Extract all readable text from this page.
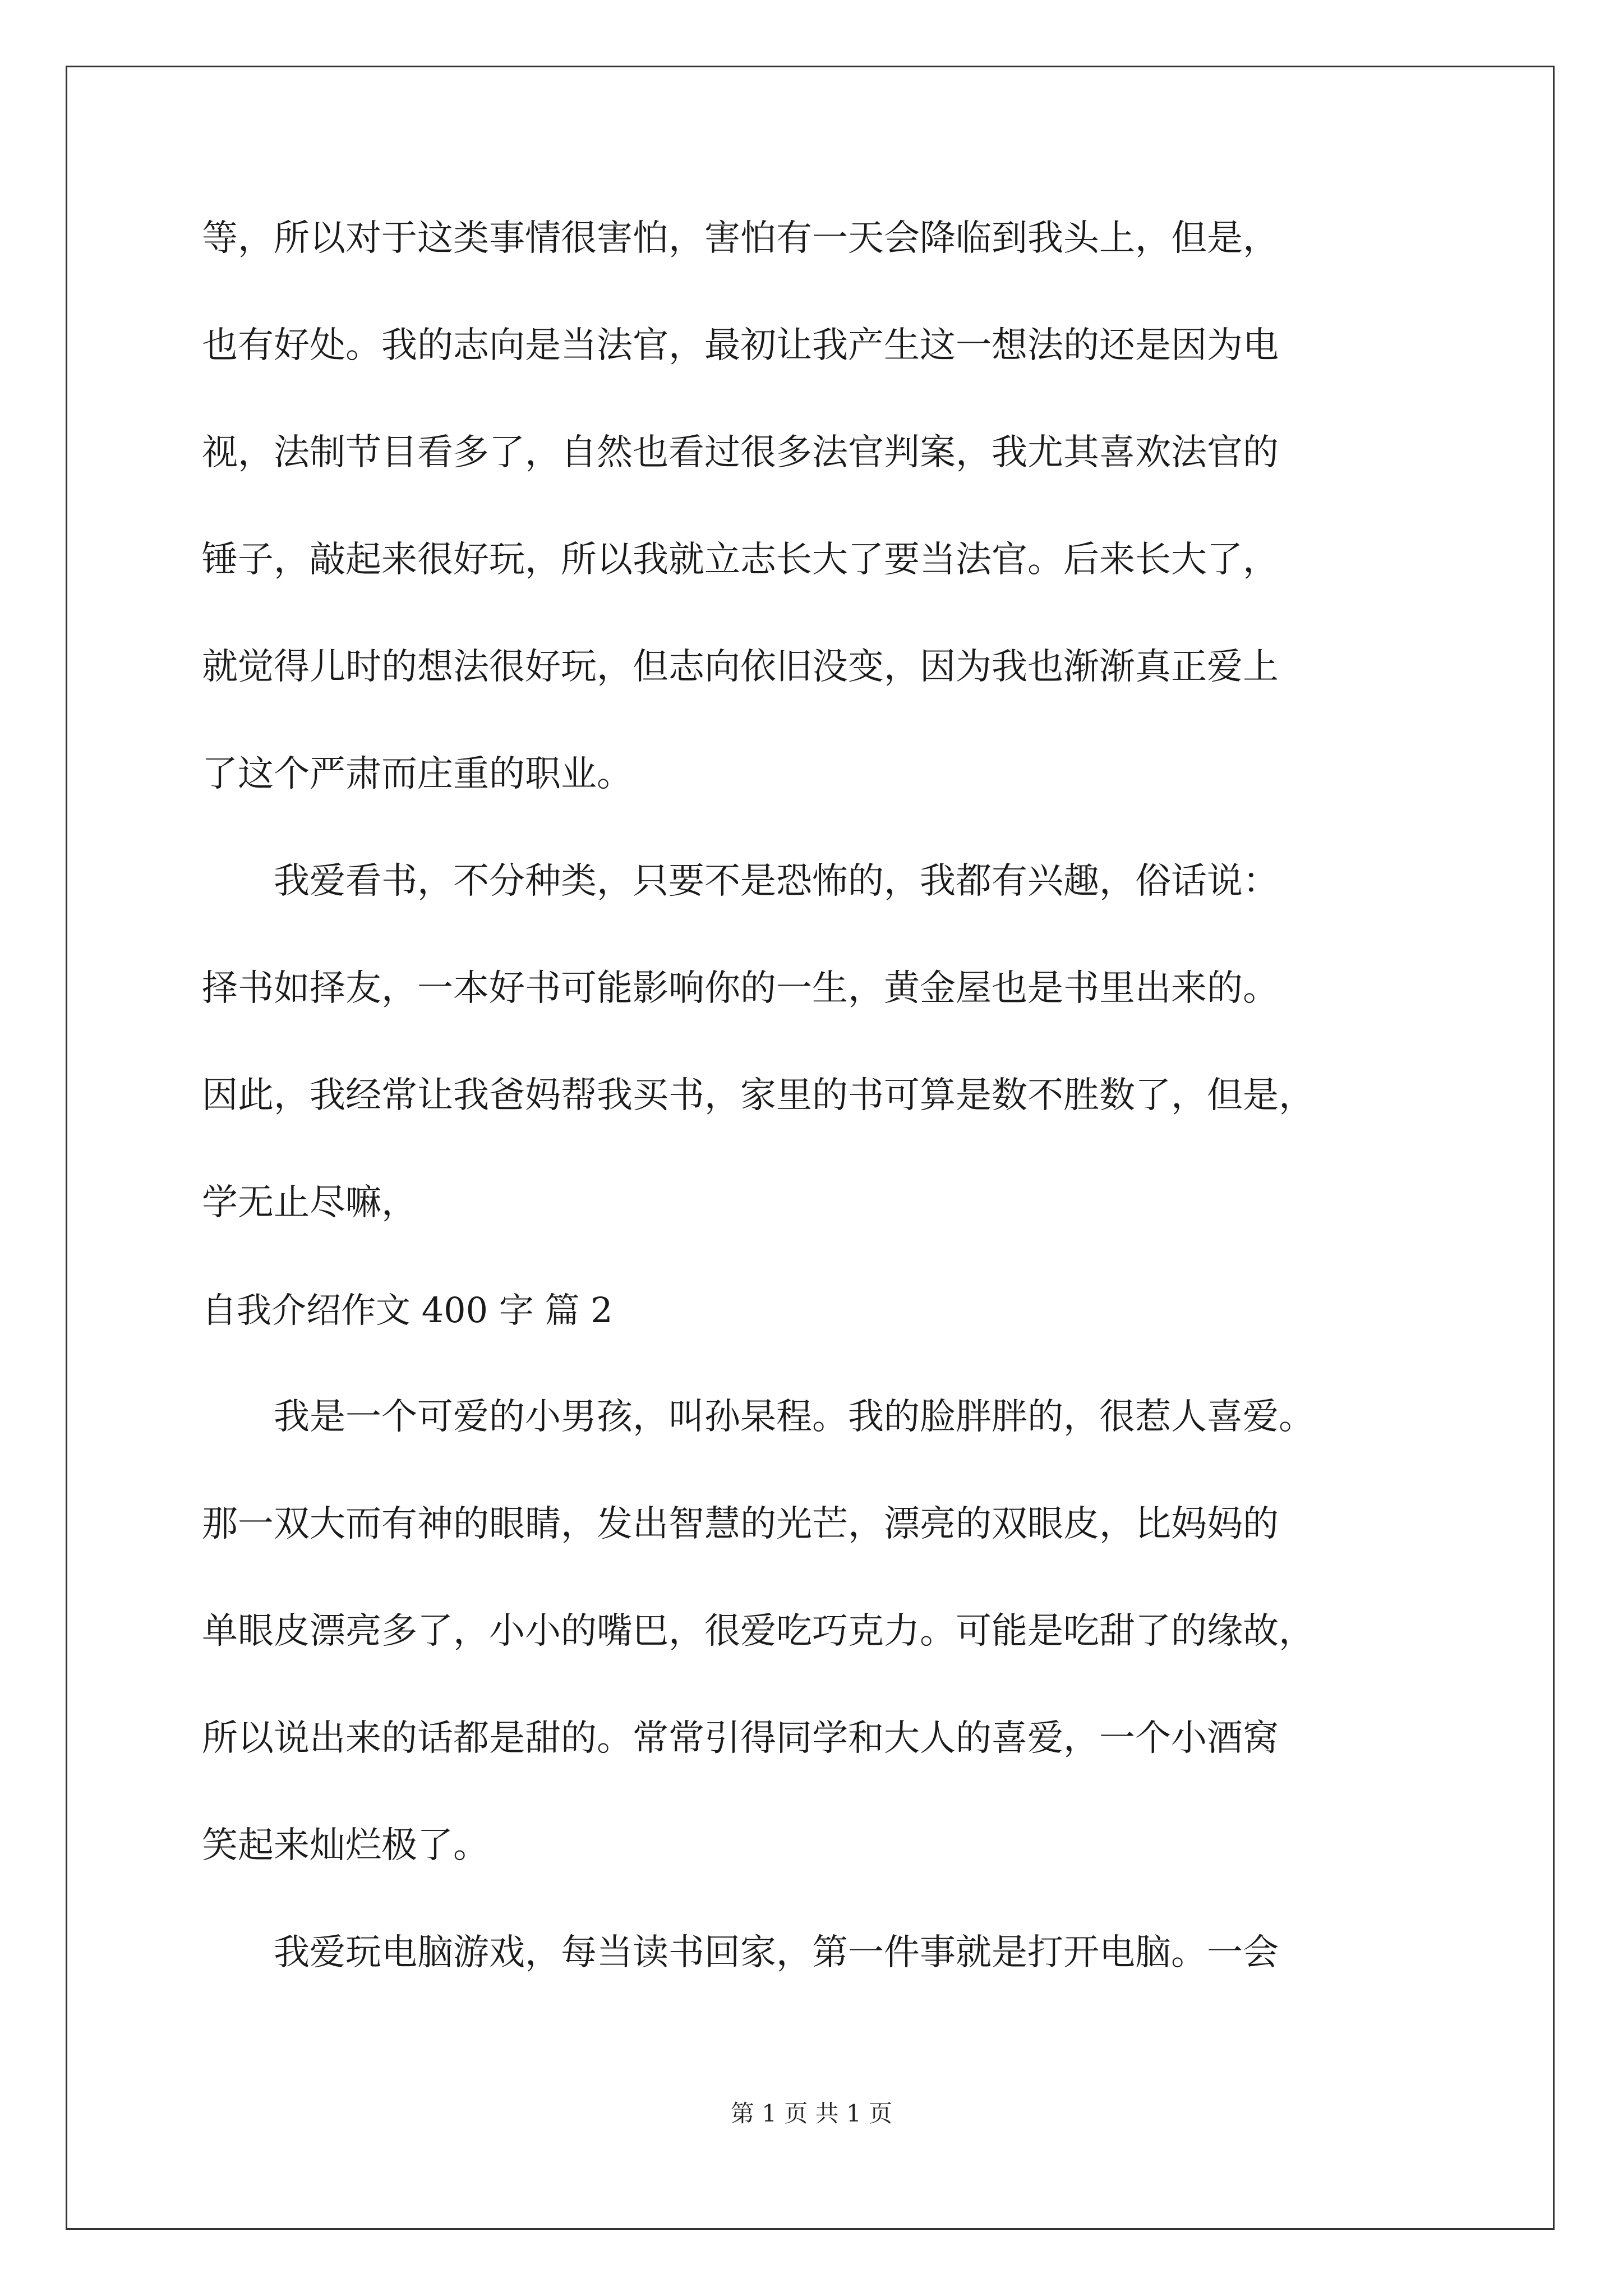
等，所以对于这类事情很害怕，害怕有一天会降临到我头上，但是，
也有好处。我的志向是当法官，最初让我产生这一想法的还是因为电
视，法制节目看多了，自然也看过很多法官判案，我尤其喜欢法官的
锤子，敲起来很好玩，所以我就立志长大了要当法官。后来长大了，
就觉得儿时的想法很好玩，但志向依旧没变，因为我也渐渐真正爱上
了这个严肃而庄重的职业。
我爱看书，不分种类，只要不是恐怖的，我都有兴趣，俗话说：
择书如择友，一本好书可能影响你的一生，黄金屋也是书里出来的。
因此，我经常让我爸妈帮我买书，家里的书可算是数不胜数了，但是，
学无止尽嘛，
自我介绍作文 400 字 篇 2
我是一个可爱的小男孩，叫孙杲程。我的脸胖胖的，很惹人喜爱。
那一双大而有神的眼睛，发出智慧的光芒，漂亮的双眼皮，比妈妈的
单眼皮漂亮多了，小小的嘴巴，很爱吃巧克力。可能是吃甜了的缘故，
所以说出来的话都是甜的。常常引得同学和大人的喜爱，一个小酒窝
笑起来灿烂极了。
我爱玩电脑游戏，每当读书回家，第一件事就是打开电脑。一会
第 1 页 共 1 页
